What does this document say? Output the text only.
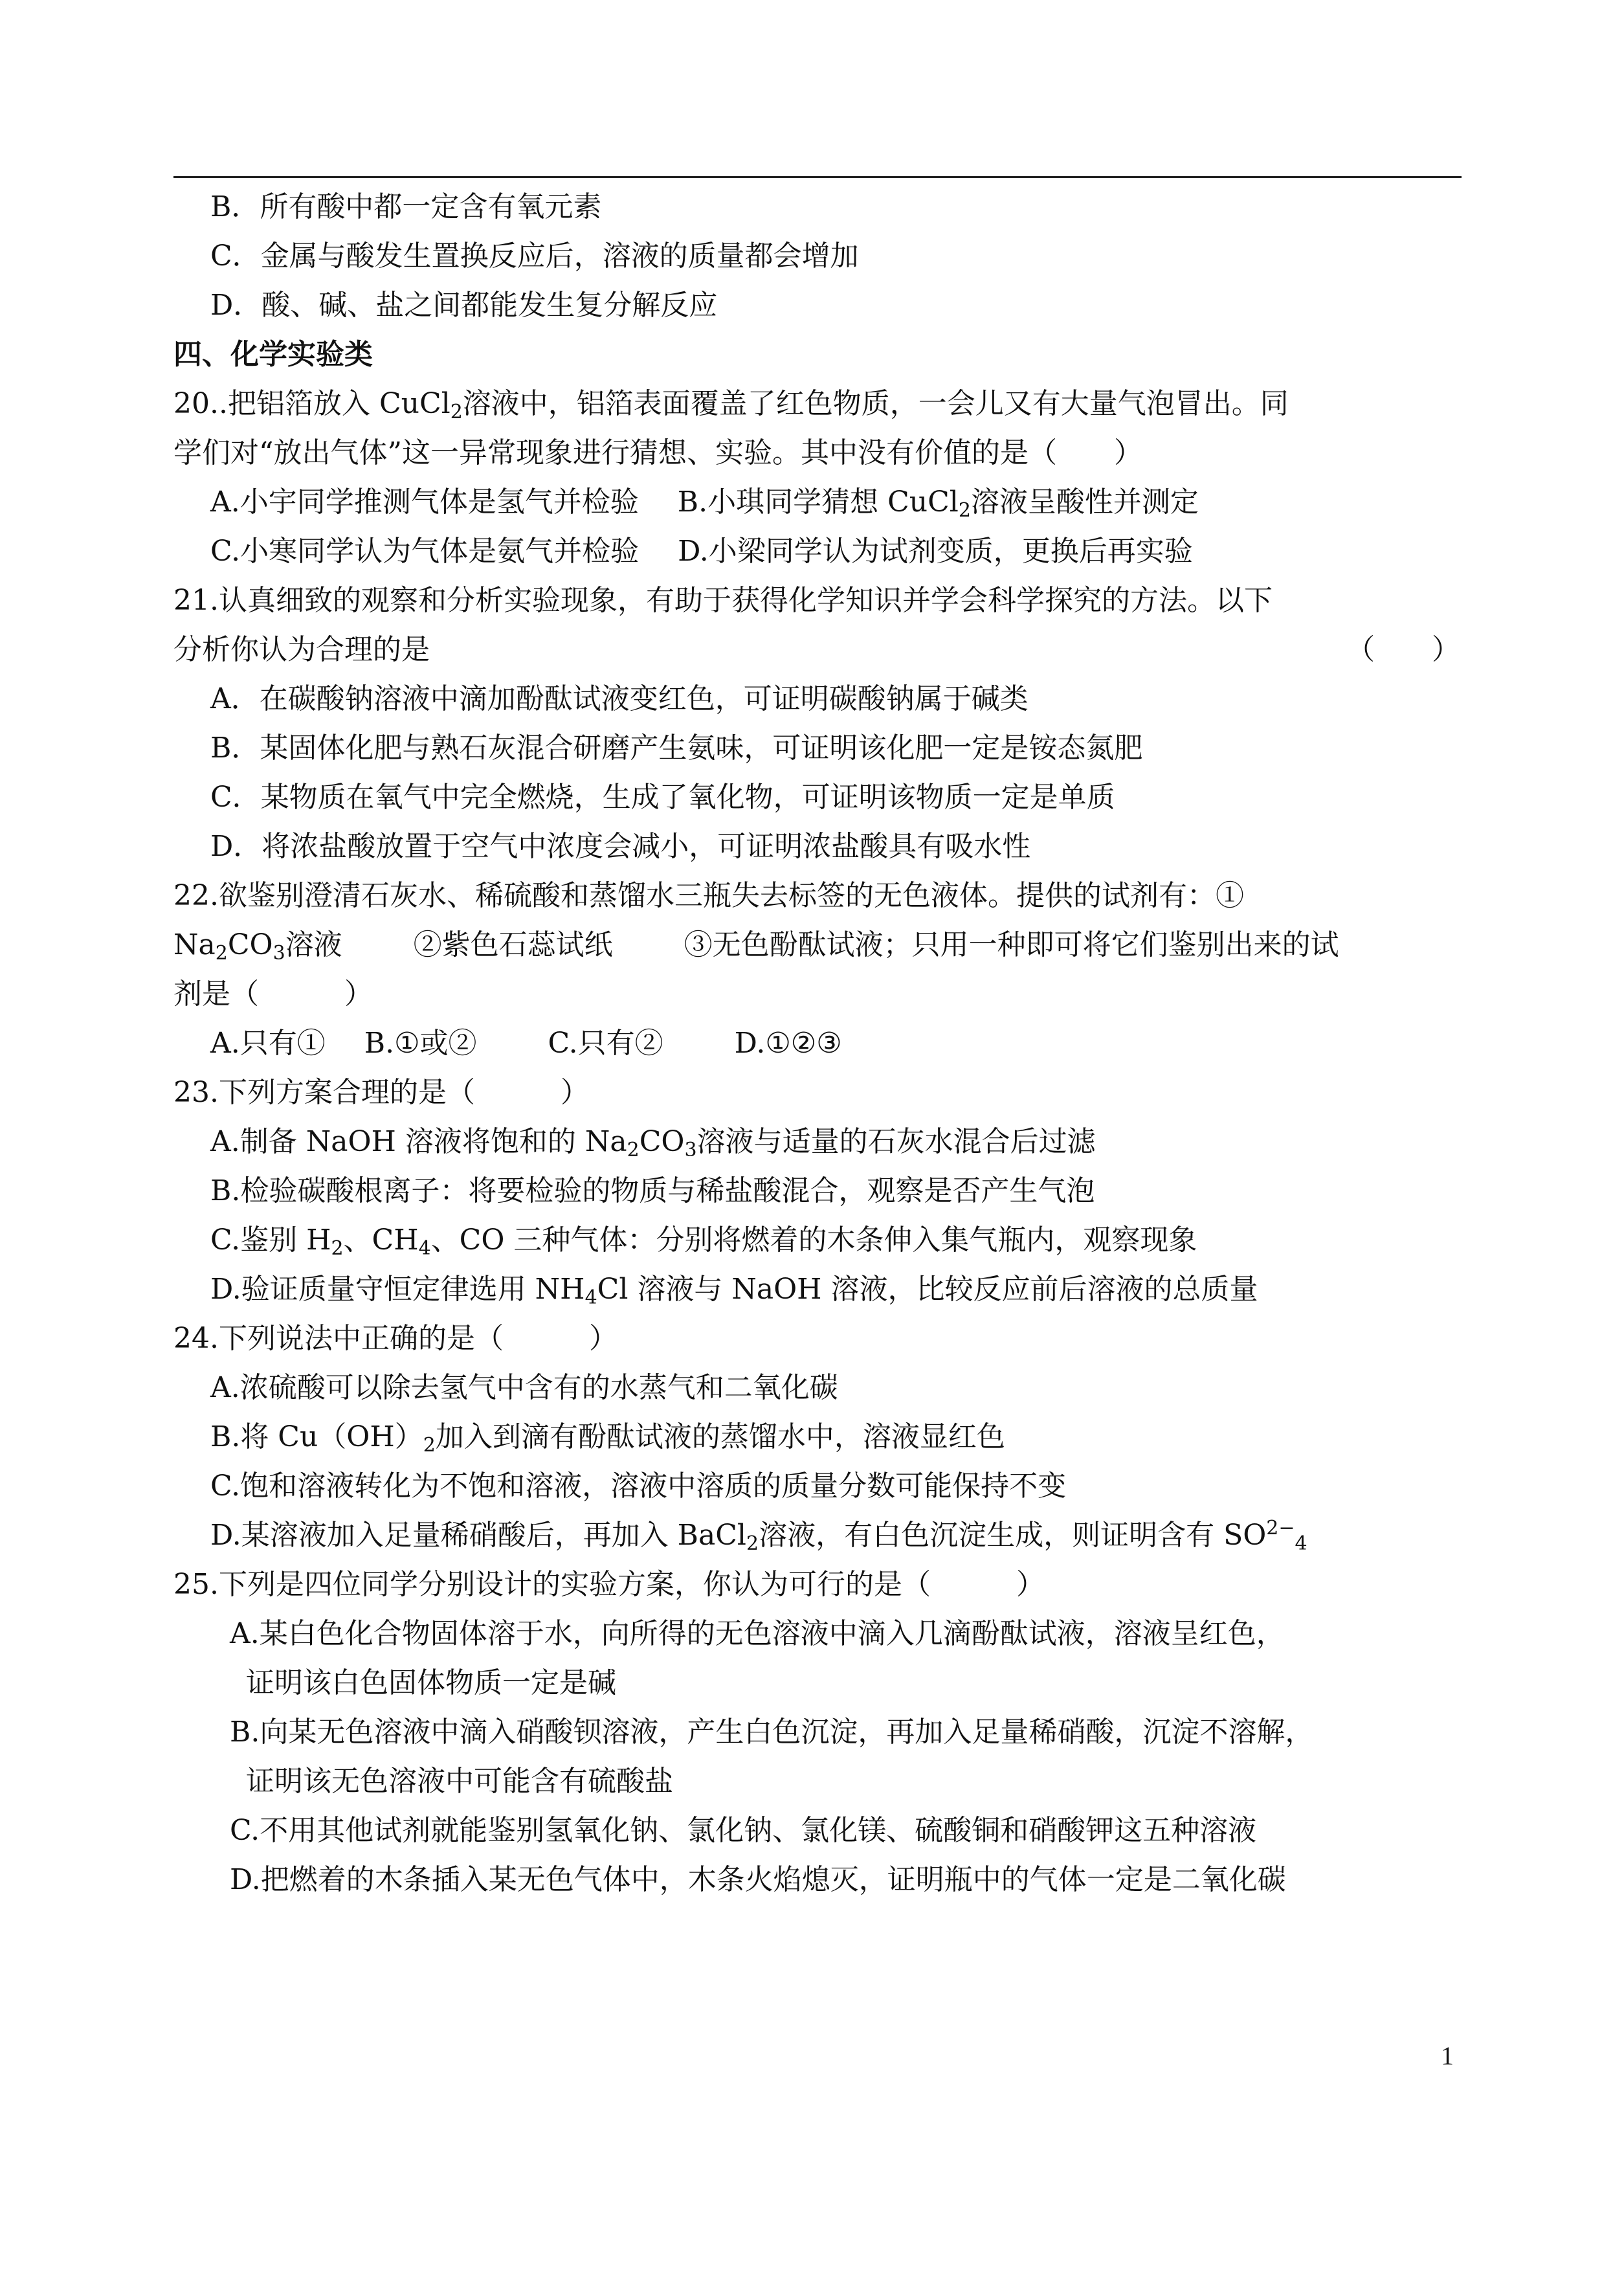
B．所有酸中都一定含有氧元素
C．金属与酸发生置换反应后，溶液的质量都会增加
D．酸、碱、盐之间都能发生复分解反应
四、化学实验类
20..把铝箔放入 CuCl$_2$溶液中，铝箔表面覆盖了红色物质，一会儿又有大量气泡冒出。同
学们对“放出气体”这一异常现象进行猜想、实验。其中没有价值的是（　　）
A.小宇同学推测气体是氢气并检验 B.小琪同学猜想 CuCl$_2$溶液呈酸性并测定
C.小寒同学认为气体是氨气并检验 D.小梁同学认为试剂变质，更换后再实验
21.认真细致的观察和分析实验现象，有助于获得化学知识并学会科学探究的方法。以下
分析你认为合理的是	（　　）
A．在碳酸钠溶液中滴加酚酞试液变红色，可证明碳酸钠属于碱类
B．某固体化肥与熟石灰混合研磨产生氨味，可证明该化肥一定是铵态氮肥
C．某物质在氧气中完全燃烧，生成了氧化物，可证明该物质一定是单质
D．将浓盐酸放置于空气中浓度会减小，可证明浓盐酸具有吸水性
22.欲鉴别澄清石灰水、稀硫酸和蒸馏水三瓶失去标签的无色液体。提供的试剂有：①
$Na_2CO_3$溶液	②紫色石蕊试纸	③无色酚酞试液；只用一种即可将它们鉴别出来的试
剂是（　　　）
A.只有① B.①或②	C.只有②	D.①②③
23.下列方案合理的是（　　　）
A.制备 NaOH 溶液将饱和的 $Na_2CO_3$溶液与适量的石灰水混合后过滤
B.检验碳酸根离子：将要检验的物质与稀盐酸混合，观察是否产生气泡
C.鉴别 $H_2$、$CH_4$、CO 三种气体：分别将燃着的木条伸入集气瓶内，观察现象
D.验证质量守恒定律选用 $NH_4Cl$ 溶液与 NaOH 溶液，比较反应前后溶液的总质量
24.下列说法中正确的是（　　　）
A.浓硫酸可以除去氢气中含有的水蒸气和二氧化碳
B.将 $Cu(OH)_2$加入到滴有酚酞试液的蒸馏水中，溶液显红色
C.饱和溶液转化为不饱和溶液，溶液中溶质的质量分数可能保持不变
D.某溶液加入足量稀硝酸后，再加入 BaCl$_2$溶液，有白色沉淀生成，则证明含有 $SO^{2-}_4$
25.下列是四位同学分别设计的实验方案，你认为可行的是（　　　）
A.某白色化合物固体溶于水，向所得的无色溶液中滴入几滴酚酞试液，溶液呈红色，
证明该白色固体物质一定是碱
B.向某无色溶液中滴入硝酸钡溶液，产生白色沉淀，再加入足量稀硝酸，沉淀不溶解，
证明该无色溶液中可能含有硫酸盐
C.不用其他试剂就能鉴别氢氧化钠、氯化钠、氯化镁、硫酸铜和硝酸钾这五种溶液
D.把燃着的木条插入某无色气体中，木条火焰熄灭，证明瓶中的气体一定是二氧化碳
1
